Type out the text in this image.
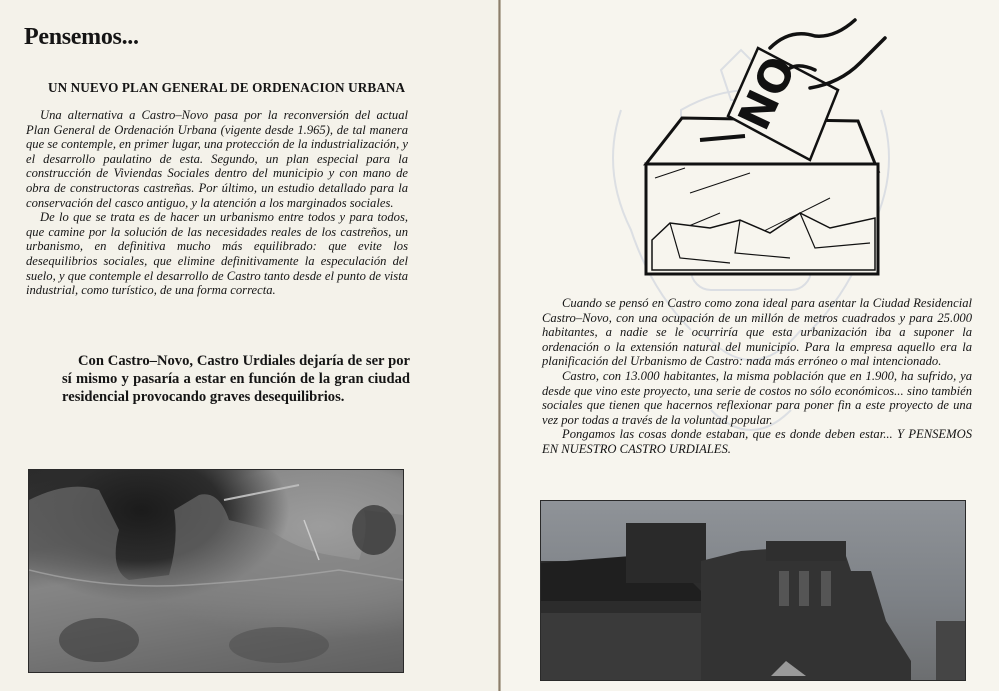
Pensemos...
UN NUEVO PLAN GENERAL DE ORDENACION URBANA

Una alternativa a Castro–Novo pasa por la reconversión del actual Plan General de Ordenación Urbana (vigente desde 1.965), de tal manera que se contemple, en primer lugar, una protección de la industrialización, y el desarrollo paulatino de esta. Segundo, un plan especial para la construcción de Viviendas Sociales dentro del municipio y con mano de obra de constructoras castreñas. Por último, un estudio detallado para la conservación del casco antiguo, y la atención a los marginados sociales.

De lo que se trata es de hacer un urbanismo entre todos y para todos, que camine por la solución de las necesidades reales de los castreños, un urbanismo, en definitiva mucho más equilibrado: que evite los desequilibrios sociales, que elimine definitivamente la especulación del suelo, y que contemple el desarrollo de Castro tanto desde el punto de vista industrial, como turístico, de una forma correcta.

Con Castro–Novo, Castro Urdiales dejaría de ser por sí mismo y pasaría a estar en función de la gran ciudad residencial provocando graves desequilibrios.
NO

Cuando se pensó en Castro como zona ideal para asentar la Ciudad Residencial Castro–Novo, con una ocupación de un millón de metros cuadrados y para 25.000 habitantes, a nadie se le ocurriría que esta urbanización iba a suponer la ordenación o la extensión natural del municipio. Para la empresa aquello era la planificación del Urbanismo de Castro: nada más erróneo o mal intencionado.

Castro, con 13.000 habitantes, la misma población que en 1.900, ha sufrido, ya desde que vino este proyecto, una serie de costos no sólo económicos... sino también sociales que tienen que hacernos reflexionar para poner fin a este proyecto de una vez por todas a través de la voluntad popular.

Pongamos las cosas donde estaban, que es donde deben estar... Y PENSEMOS EN NUESTRO CASTRO URDIALES.
